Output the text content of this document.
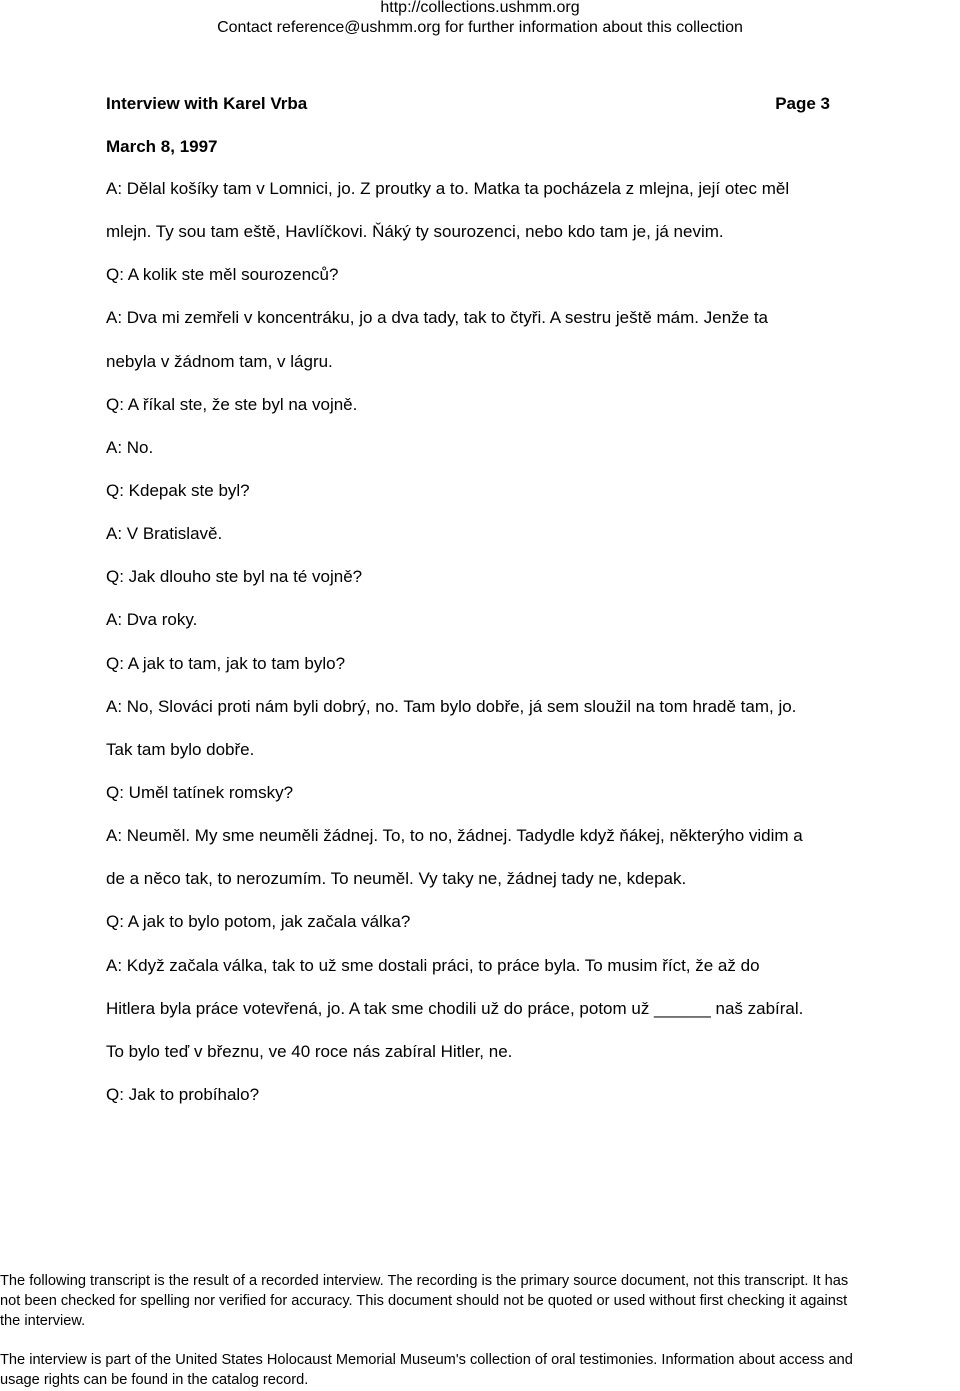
http://collections.ushmm.org
Contact reference@ushmm.org for further information about this collection
Interview with Karel Vrba	Page 3
March 8, 1997
A: Dělal košíky tam v Lomnici, jo. Z proutky a to. Matka ta pocházela z mlejna, její otec měl
mlejn. Ty sou tam eště, Havlíčkovi. Ňáký ty sourozenci, nebo kdo tam je, já nevim.
Q: A kolik ste měl sourozenců?
A: Dva mi zemřeli v koncentráku, jo a dva tady, tak to čtyři. A sestru ještě mám. Jenže ta
nebyla v žádnom tam, v lágru.
Q: A říkal ste, že ste byl na vojně.
A: No.
Q: Kdepak ste byl?
A: V Bratislavě.
Q: Jak dlouho ste byl na té vojně?
A: Dva roky.
Q: A jak to tam, jak to tam bylo?
A: No, Slováci proti nám byli dobrý, no. Tam bylo dobře, já sem sloužil na tom hradě tam, jo.
Tak tam bylo dobře.
Q: Uměl tatínek romsky?
A: Neuměl. My sme neuměli žádnej. To, to no, žádnej. Tadydle když ňákej, některýho vidim a
de a něco tak, to nerozumím. To neuměl. Vy taky ne, žádnej tady ne, kdepak.
Q: A jak to bylo potom, jak začala válka?
A: Když začala válka, tak to už sme dostali práci, to práce byla. To musim říct, že až do
Hitlera byla práce votevřená, jo. A tak sme chodili už do práce, potom už ______ naš zabíral.
To bylo teď v březnu, ve 40 roce nás zabíral Hitler, ne.
Q: Jak to probíhalo?
The following transcript is the result of a recorded interview. The recording is the primary source document, not this transcript. It has
not been checked for spelling nor verified for accuracy. This document should not be quoted or used without first checking it against
the interview.
The interview is part of the United States Holocaust Memorial Museum's collection of oral testimonies. Information about access and
usage rights can be found in the catalog record.
